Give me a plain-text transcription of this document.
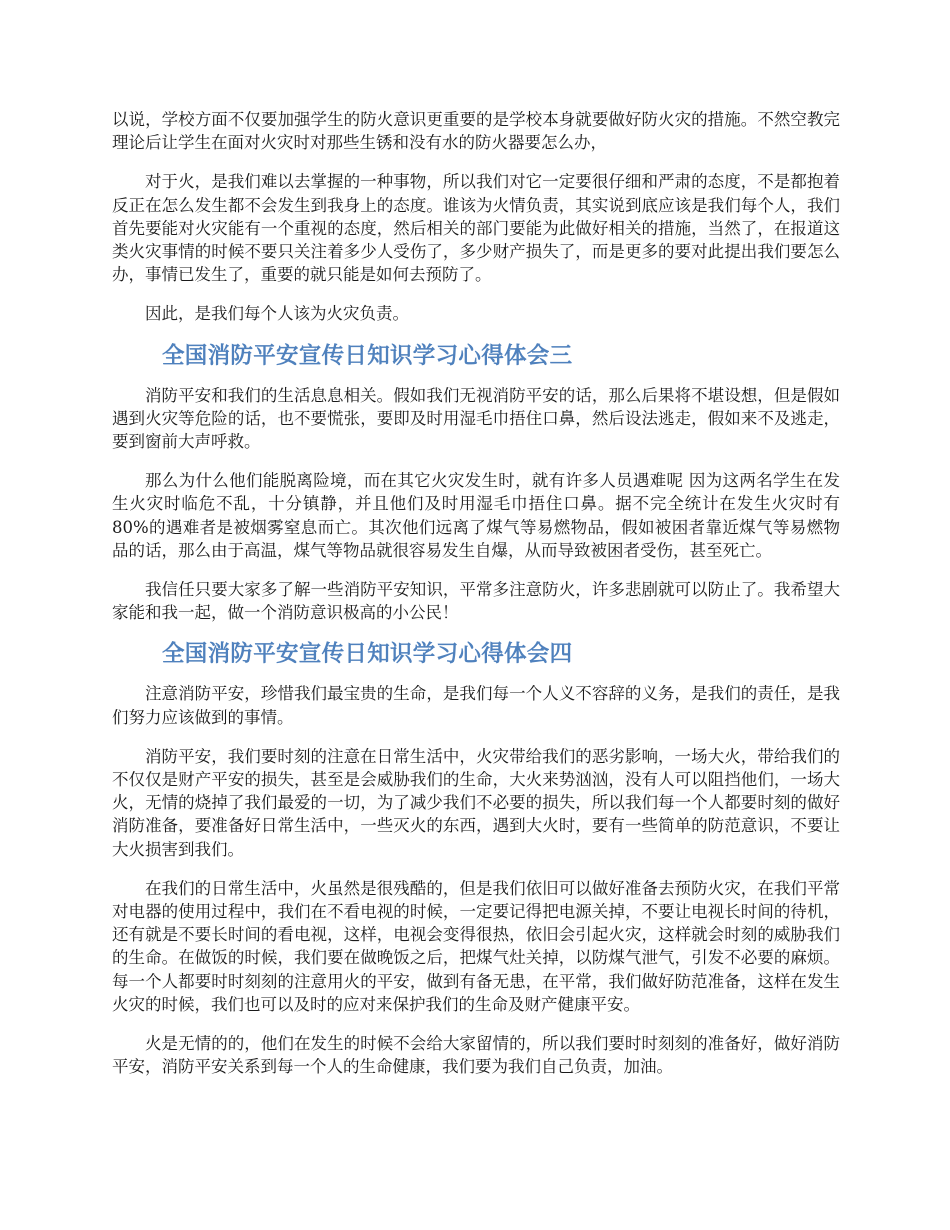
以说，学校方面不仅要加强学生的防火意识更重要的是学校本身就要做好防火灾的措施。不然空教完理论后让学生在面对火灾时对那些生锈和没有水的防火器要怎么办，

对于火，是我们难以去掌握的一种事物，所以我们对它一定要很仔细和严肃的态度，不是都抱着反正在怎么发生都不会发生到我身上的态度。谁该为火情负责，其实说到底应该是我们每个人，我们首先要能对火灾能有一个重视的态度，然后相关的部门要能为此做好相关的措施，当然了，在报道这类火灾事情的时候不要只关注着多少人受伤了，多少财产损失了，而是更多的要对此提出我们要怎么办，事情已发生了，重要的就只能是如何去预防了。

因此，是我们每个人该为火灾负责。

全国消防平安宣传日知识学习心得体会三

消防平安和我们的生活息息相关。假如我们无视消防平安的话，那么后果将不堪设想，但是假如遇到火灾等危险的话，也不要慌张，要即及时用湿毛巾捂住口鼻，然后设法逃走，假如来不及逃走，要到窗前大声呼救。

那么为什么他们能脱离险境，而在其它火灾发生时，就有许多人员遇难呢 因为这两名学生在发生火灾时临危不乱，十分镇静，并且他们及时用湿毛巾捂住口鼻。据不完全统计在发生火灾时有 80%的遇难者是被烟雾窒息而亡。其次他们远离了煤气等易燃物品，假如被困者靠近煤气等易燃物品的话，那么由于高温，煤气等物品就很容易发生自爆，从而导致被困者受伤，甚至死亡。

我信任只要大家多了解一些消防平安知识，平常多注意防火，许多悲剧就可以防止了。我希望大家能和我一起，做一个消防意识极高的小公民！

全国消防平安宣传日知识学习心得体会四

注意消防平安，珍惜我们最宝贵的生命，是我们每一个人义不容辞的义务，是我们的责任，是我们努力应该做到的事情。

消防平安，我们要时刻的注意在日常生活中，火灾带给我们的恶劣影响，一场大火，带给我们的不仅仅是财产平安的损失，甚至是会威胁我们的生命，大火来势汹汹，没有人可以阻挡他们，一场大火，无情的烧掉了我们最爱的一切，为了减少我们不必要的损失，所以我们每一个人都要时刻的做好消防准备，要准备好日常生活中，一些灭火的东西，遇到大火时，要有一些简单的防范意识，不要让大火损害到我们。

在我们的日常生活中，火虽然是很残酷的，但是我们依旧可以做好准备去预防火灾，在我们平常对电器的使用过程中，我们在不看电视的时候，一定要记得把电源关掉，不要让电视长时间的待机，还有就是不要长时间的看电视，这样，电视会变得很热，依旧会引起火灾，这样就会时刻的威胁我们的生命。在做饭的时候，我们要在做晚饭之后，把煤气灶关掉，以防煤气泄气，引发不必要的麻烦。每一个人都要时时刻刻的注意用火的平安，做到有备无患，在平常，我们做好防范准备，这样在发生火灾的时候，我们也可以及时的应对来保护我们的生命及财产健康平安。

火是无情的的，他们在发生的时候不会给大家留情的，所以我们要时时刻刻的准备好，做好消防平安，消防平安关系到每一个人的生命健康，我们要为我们自己负责，加油。
